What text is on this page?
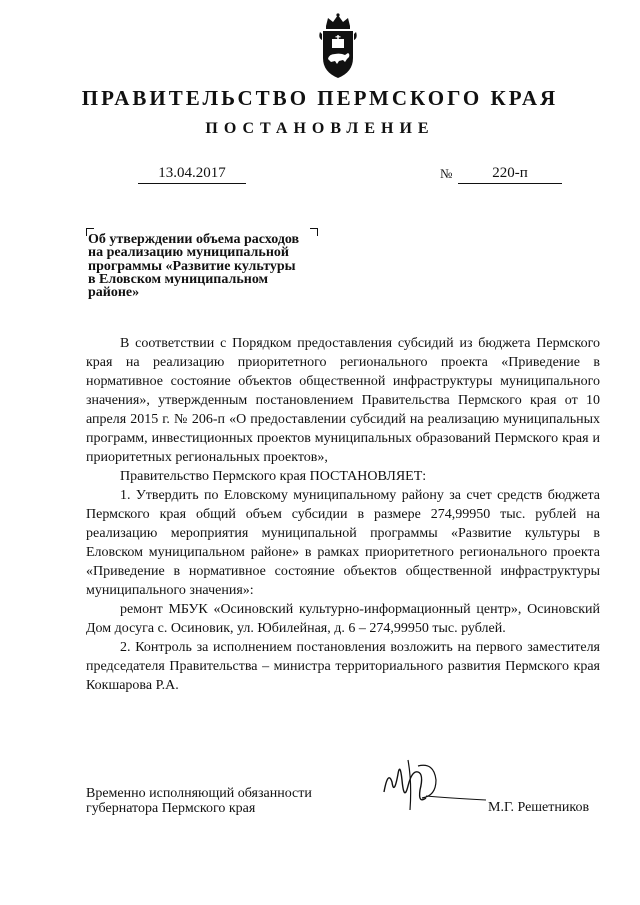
ПРАВИТЕЛЬСТВО ПЕРМСКОГО КРАЯ
ПОСТАНОВЛЕНИЕ
13.04.2017	№	220-п
Об утверждении объема расходов
на реализацию муниципальной
программы «Развитие культуры
в Еловском муниципальном
районе»

В соответствии с Порядком предоставления субсидий из бюджета Пермского края на реализацию приоритетного регионального проекта «Приведение в нормативное состояние объектов общественной инфраструктуры муниципального значения», утвержденным постановлением Правительства Пермского края от 10 апреля 2015 г. № 206-п «О предоставлении субсидий на реализацию муниципальных программ, инвестиционных проектов муниципальных образований Пермского края и приоритетных региональных проектов»,

Правительство Пермского края ПОСТАНОВЛЯЕТ:

1. Утвердить по Еловскому муниципальному району за счет средств бюджета Пермского края общий объем субсидии в размере 274,99950 тыс. рублей на реализацию мероприятия муниципальной программы «Развитие культуры в Еловском муниципальном районе» в рамках приоритетного регионального проекта «Приведение в нормативное состояние объектов общественной инфраструктуры муниципального значения»:

ремонт МБУК «Осиновский культурно-информационный центр», Осиновский Дом досуга с. Осиновик, ул. Юбилейная, д. 6 – 274,99950 тыс. рублей.

2. Контроль за исполнением постановления возложить на первого заместителя председателя Правительства – министра территориального развития Пермского края Кокшарова Р.А.

Временно исполняющий обязанности
губернатора Пермского края	М.Г. Решетников
